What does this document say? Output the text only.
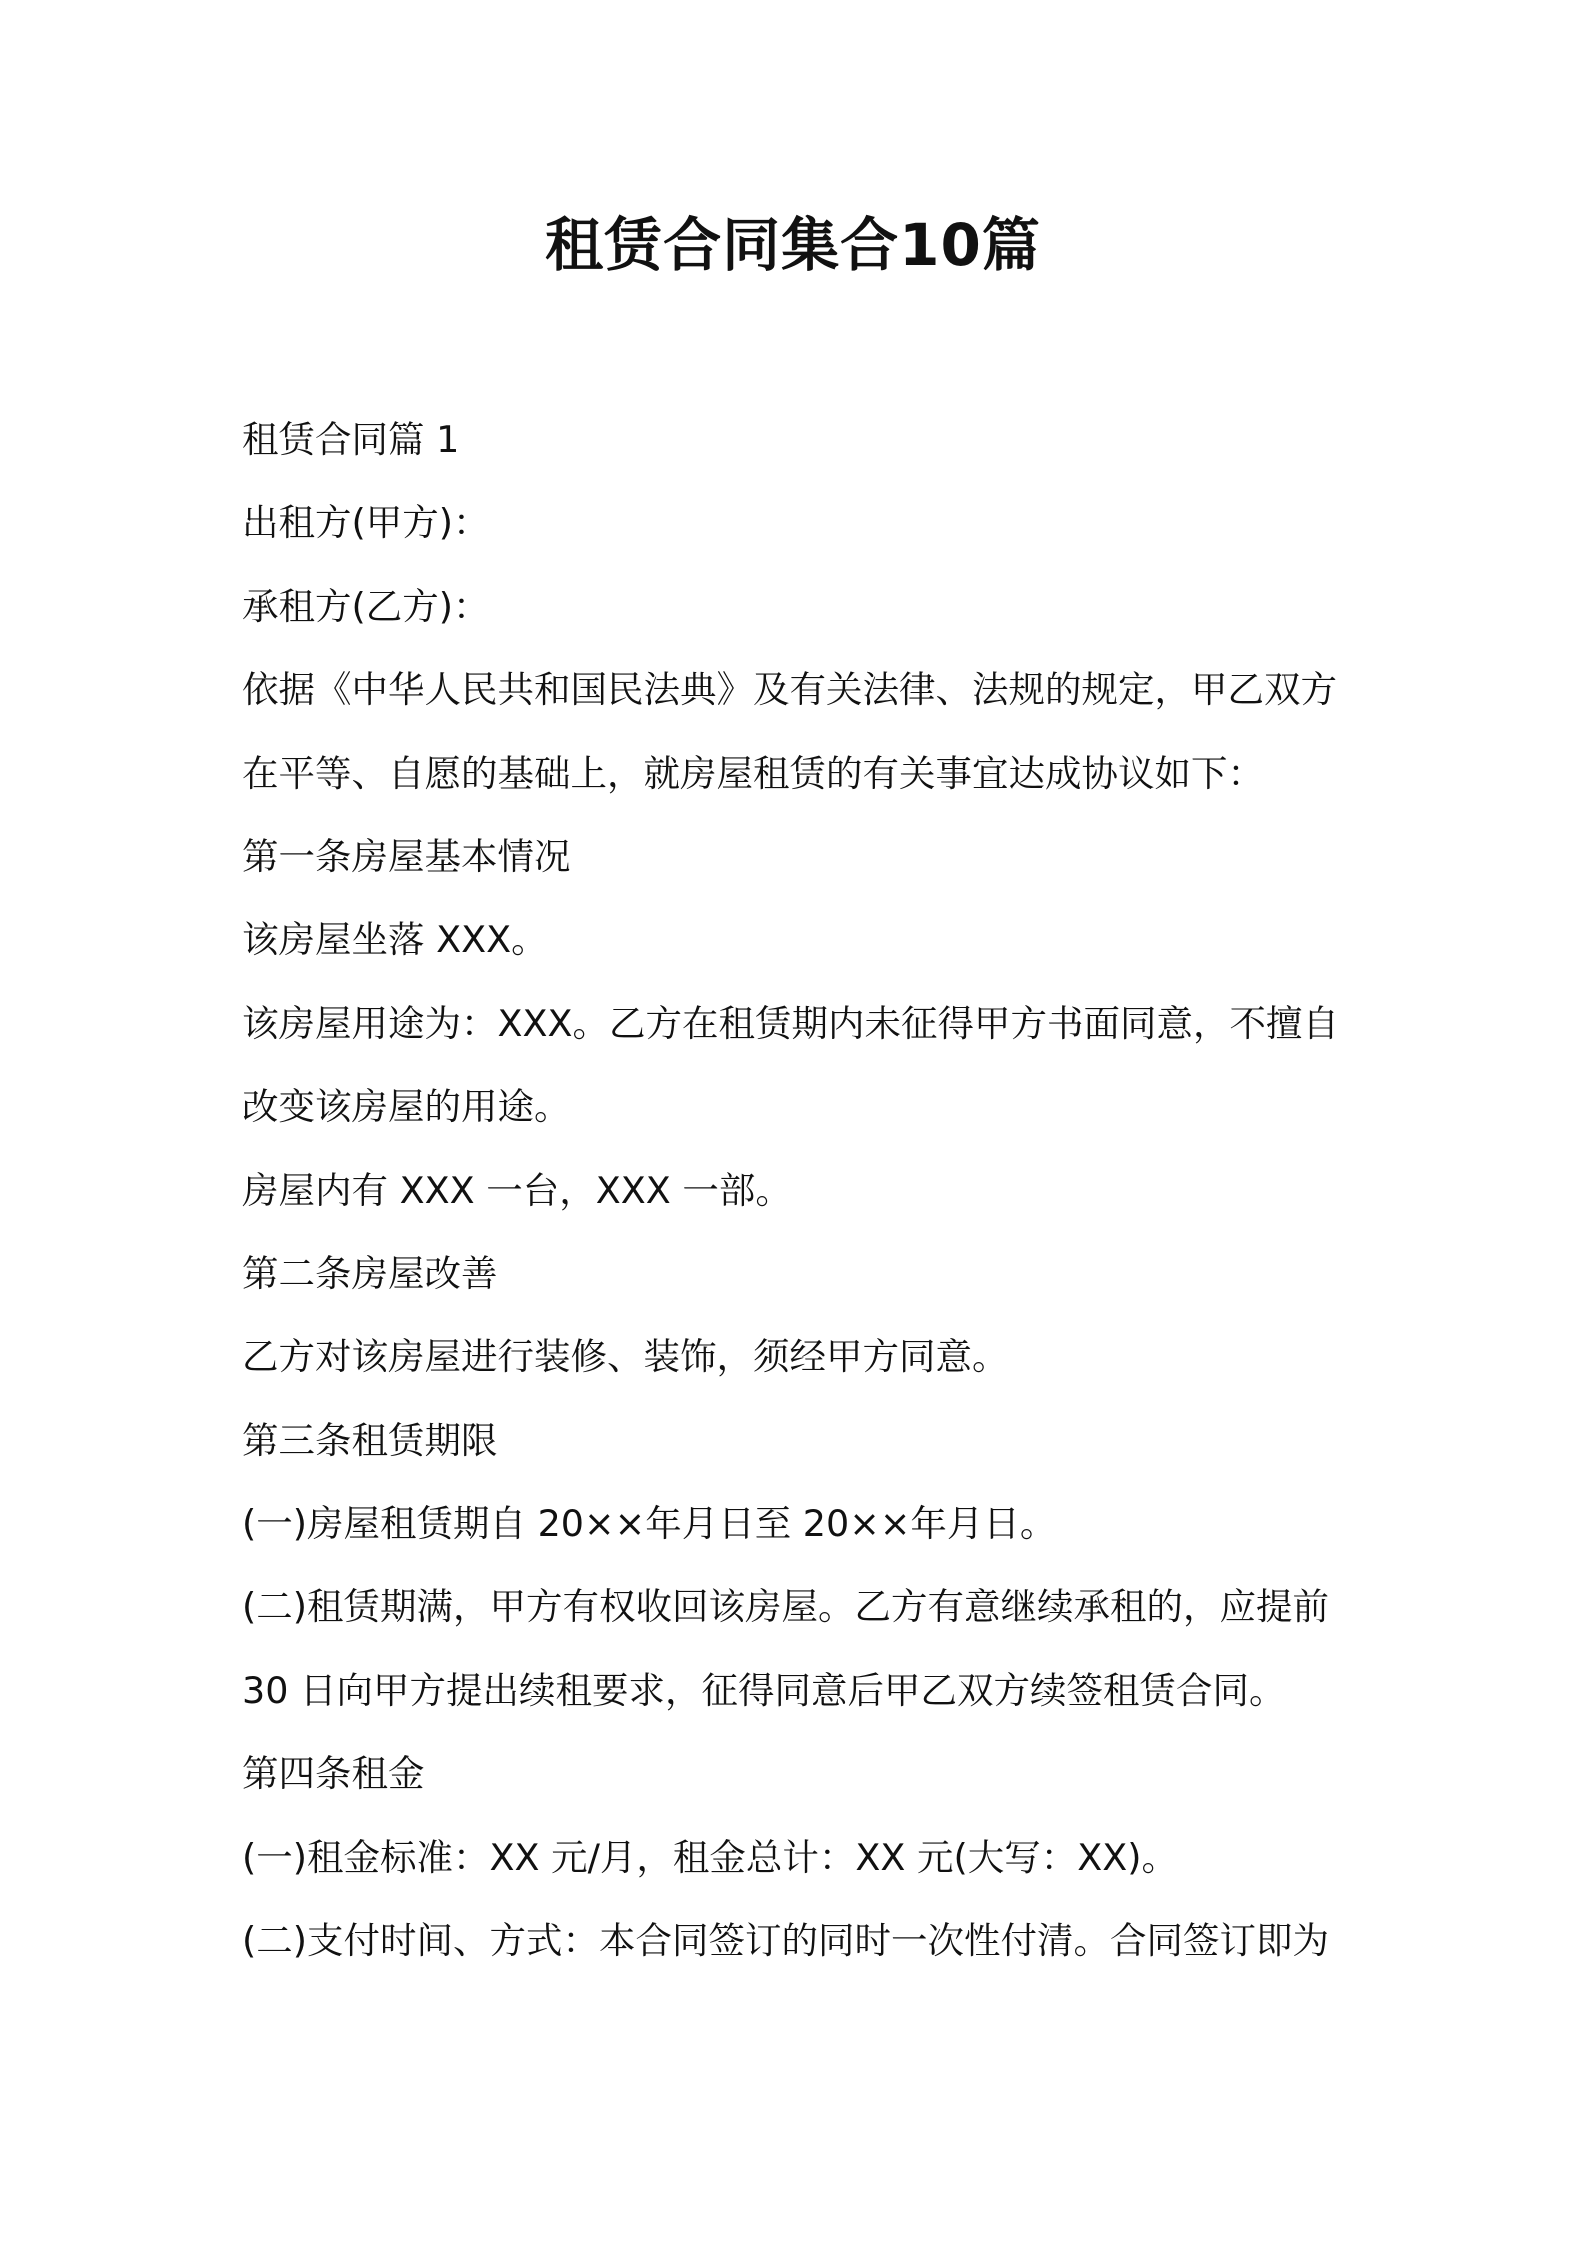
租赁合同集合10篇
租赁合同篇 1
出租方(甲方)：
承租方(乙方)：
依据《中华人民共和国民法典》及有关法律、法规的规定，甲乙双方
在平等、自愿的基础上，就房屋租赁的有关事宜达成协议如下：
第一条房屋基本情况
该房屋坐落 XXX。
该房屋用途为：XXX。乙方在租赁期内未征得甲方书面同意，不擅自
改变该房屋的用途。
房屋内有 XXX 一台，XXX 一部。
第二条房屋改善
乙方对该房屋进行装修、装饰，须经甲方同意。
第三条租赁期限
(一)房屋租赁期自 20××年月日至 20××年月日。
(二)租赁期满，甲方有权收回该房屋。乙方有意继续承租的，应提前
30 日向甲方提出续租要求，征得同意后甲乙双方续签租赁合同。
第四条租金
(一)租金标准：XX 元/月，租金总计：XX 元(大写：XX)。
(二)支付时间、方式：本合同签订的同时一次性付清。合同签订即为
